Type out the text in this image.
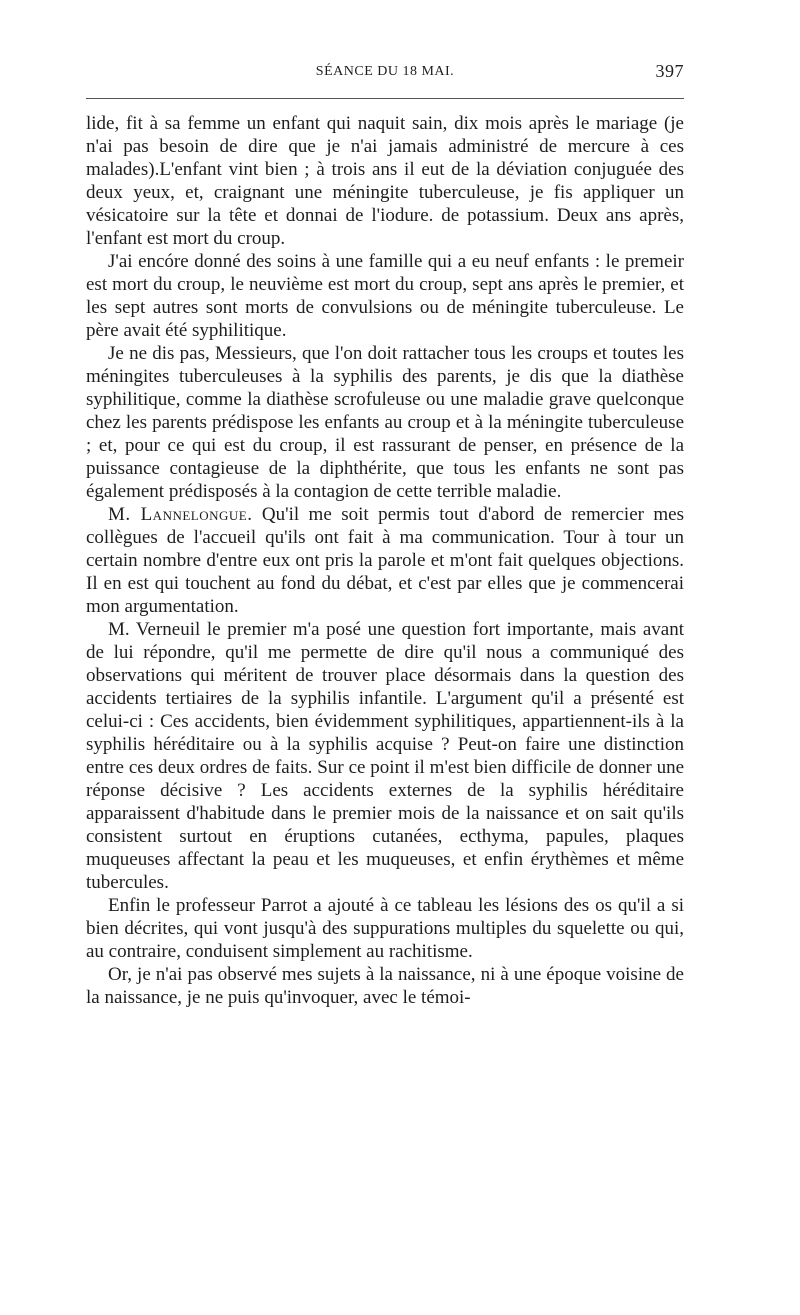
SÉANCE DU 18 MAI.	397

lide, fit à sa femme un enfant qui naquit sain, dix mois après le mariage (je n'ai pas besoin de dire que je n'ai jamais administré de mercure à ces malades).L'enfant vint bien ; à trois ans il eut de la déviation conjuguée des deux yeux, et, craignant une méningite tuberculeuse, je fis appliquer un vésicatoire sur la tête et donnai de l'iodure. de potassium. Deux ans après, l'enfant est mort du croup.

J'ai encóre donné des soins à une famille qui a eu neuf enfants : le premeir est mort du croup, le neuvième est mort du croup, sept ans après le premier, et les sept autres sont morts de convulsions ou de méningite tuberculeuse. Le père avait été syphilitique.

Je ne dis pas, Messieurs, que l'on doit rattacher tous les croups et toutes les méningites tuberculeuses à la syphilis des parents, je dis que la diathèse syphilitique, comme la diathèse scrofuleuse ou une maladie grave quelconque chez les parents prédispose les enfants au croup et à la méningite tuberculeuse ; et, pour ce qui est du croup, il est rassurant de penser, en présence de la puissance contagieuse de la diphthérite, que tous les enfants ne sont pas également prédisposés à la contagion de cette terrible maladie.

M. Lannelongue. Qu'il me soit permis tout d'abord de remercier mes collègues de l'accueil qu'ils ont fait à ma communication. Tour à tour un certain nombre d'entre eux ont pris la parole et m'ont fait quelques objections. Il en est qui touchent au fond du débat, et c'est par elles que je commencerai mon argumentation.

M. Verneuil le premier m'a posé une question fort importante, mais avant de lui répondre, qu'il me permette de dire qu'il nous a communiqué des observations qui méritent de trouver place désormais dans la question des accidents tertiaires de la syphilis infantile. L'argument qu'il a présenté est celui-ci : Ces accidents, bien évidemment syphilitiques, appartiennent-ils à la syphilis héréditaire ou à la syphilis acquise ? Peut-on faire une distinction entre ces deux ordres de faits. Sur ce point il m'est bien difficile de donner une réponse décisive ? Les accidents externes de la syphilis héréditaire apparaissent d'habitude dans le premier mois de la naissance et on sait qu'ils consistent surtout en éruptions cutanées, ecthyma, papules, plaques muqueuses affectant la peau et les muqueuses, et enfin érythèmes et même tubercules.

Enfin le professeur Parrot a ajouté à ce tableau les lésions des os qu'il a si bien décrites, qui vont jusqu'à des suppurations multiples du squelette ou qui, au contraire, conduisent simplement au rachitisme.

Or, je n'ai pas observé mes sujets à la naissance, ni à une époque voisine de la naissance, je ne puis qu'invoquer, avec le témoi-
